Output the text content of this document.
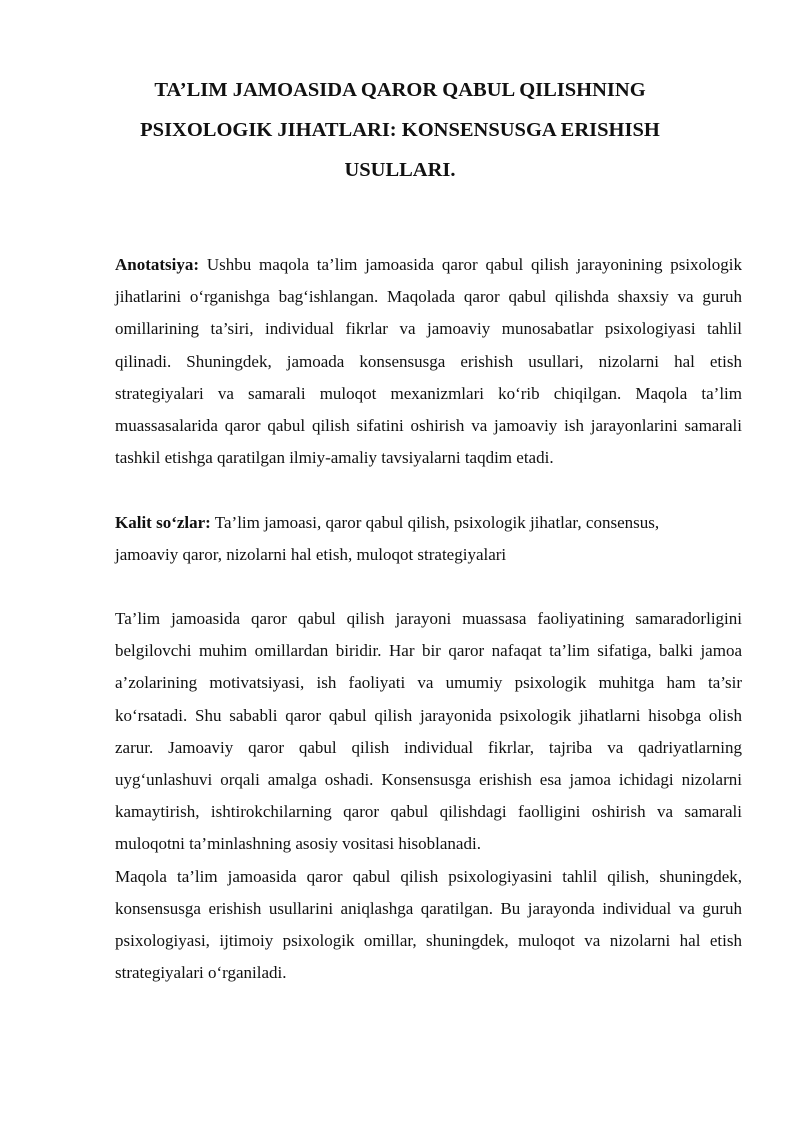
TA’LIM JAMOASIDA QAROR QABUL QILISHNING
PSIXOLOGIK JIHATLARI: KONSENSUSGA ERISHISH
USULLARI.

Anotatsiya: Ushbu maqola ta’lim jamoasida qaror qabul qilish jarayonining psixologik jihatlarini o‘rganishga bag‘ishlangan. Maqolada qaror qabul qilishda shaxsiy va guruh omillarining ta’siri, individual fikrlar va jamoaviy munosabatlar psixologiyasi tahlil qilinadi. Shuningdek, jamoada konsensusga erishish usullari, nizolarni hal etish strategiyalari va samarali muloqot mexanizmlari ko‘rib chiqilgan. Maqola ta’lim muassasalarida qaror qabul qilish sifatini oshirish va jamoaviy ish jarayonlarini samarali tashkil etishga qaratilgan ilmiy-amaliy tavsiyalarni taqdim etadi.

Kalit so‘zlar: Ta’lim jamoasi, qaror qabul qilish, psixologik jihatlar, consensus,
jamoaviy qaror, nizolarni hal etish, muloqot strategiyalari

Ta’lim jamoasida qaror qabul qilish jarayoni muassasa faoliyatining samaradorligini belgilovchi muhim omillardan biridir. Har bir qaror nafaqat ta’lim sifatiga, balki jamoa a’zolarining motivatsiyasi, ish faoliyati va umumiy psixologik muhitga ham ta’sir ko‘rsatadi. Shu sababli qaror qabul qilish jarayonida psixologik jihatlarni hisobga olish zarur. Jamoaviy qaror qabul qilish individual fikrlar, tajriba va qadriyatlarning uyg‘unlashuvi orqali amalga oshadi. Konsensusga erishish esa jamoa ichidagi nizolarni kamaytirish, ishtirokchilarning qaror qabul qilishdagi faolligini oshirish va samarali muloqotni ta’minlashning asosiy vositasi hisoblanadi.

Maqola ta’lim jamoasida qaror qabul qilish psixologiyasini tahlil qilish, shuningdek, konsensusga erishish usullarini aniqlashga qaratilgan. Bu jarayonda individual va guruh psixologiyasi, ijtimoiy psixologik omillar, shuningdek, muloqot va nizolarni hal etish strategiyalari o‘rganiladi.
